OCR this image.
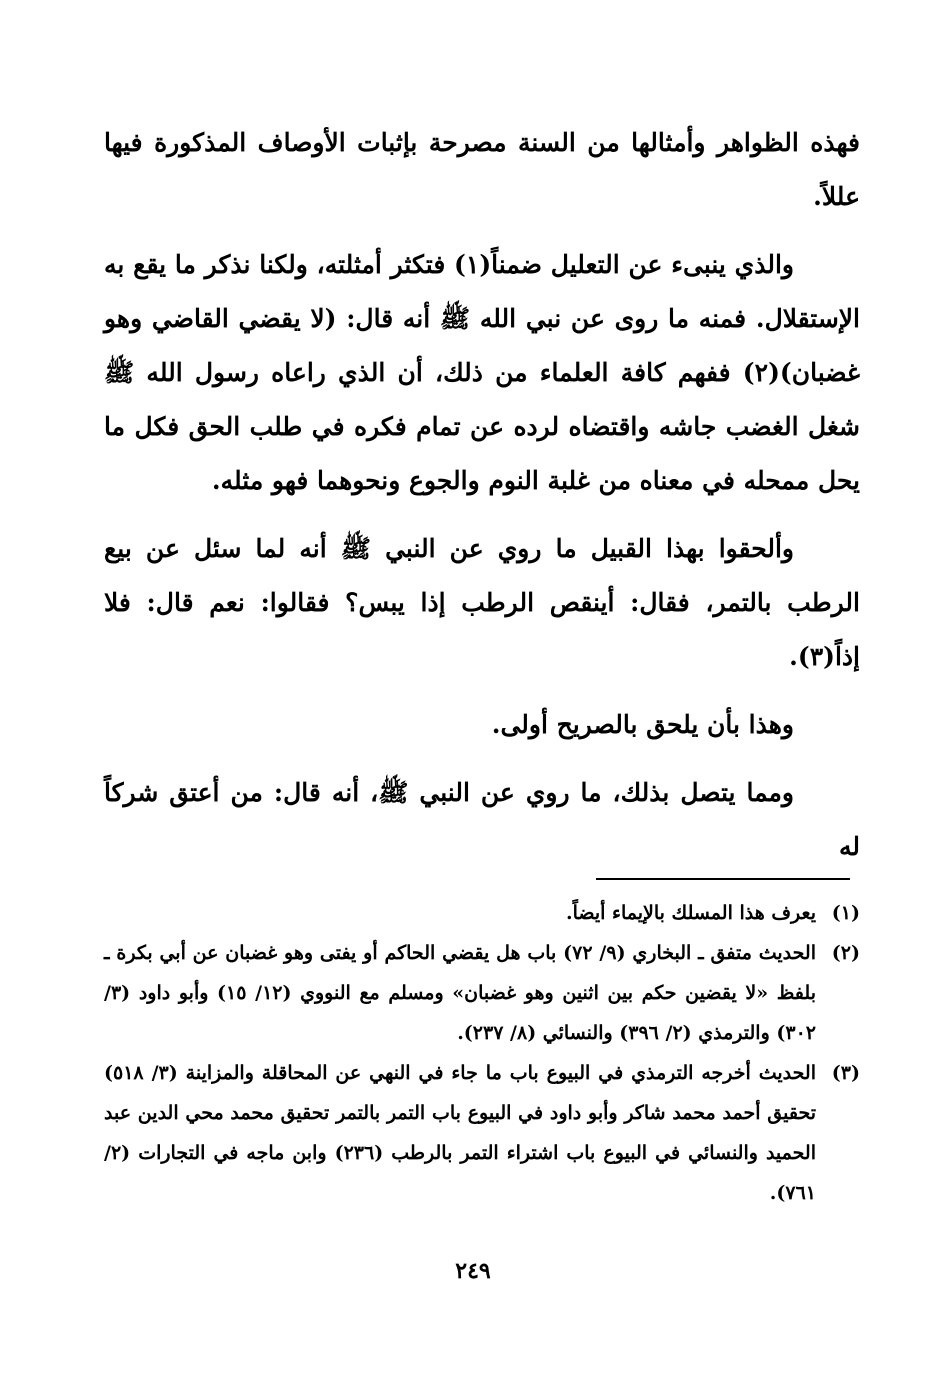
فهذه الظواهر وأمثالها من السنة مصرحة بإثبات الأوصاف المذكورة فيها عللاً.

والذي ينبىء عن التعليل ضمناً(١) فتكثر أمثلته، ولكنا نذكر ما يقع به الإستقلال. فمنه ما روى عن نبي الله ﷺ أنه قال: (لا يقضي القاضي وهو غضبان)(٢) ففهم كافة العلماء من ذلك، أن الذي راعاه رسول الله ﷺ شغل الغضب جاشه واقتضاه لرده عن تمام فكره في طلب الحق فكل ما يحل ممحله في معناه من غلبة النوم والجوع ونحوهما فهو مثله.

وألحقوا بهذا القبيل ما روي عن النبي ﷺ أنه لما سئل عن بيع الرطب بالتمر، فقال: أينقص الرطب إذا يبس؟ فقالوا: نعم قال: فلا إذاً(٣).

وهذا بأن يلحق بالصريح أولى.

ومما يتصل بذلك، ما روي عن النبي ﷺ، أنه قال: من أعتق شركاً له

(١)
يعرف هذا المسلك بالإيماء أيضاً.
(٢)
الحديث متفق ـ البخاري (٩/ ٧٢) باب هل يقضي الحاكم أو يفتى وهو غضبان عن أبي بكرة ـ بلفظ «لا يقضين حكم بين اثنين وهو غضبان» ومسلم مع النووي (١٢/ ١٥) وأبو داود (٣/ ٣٠٢) والترمذي (٢/ ٣٩٦) والنسائي (٨/ ٢٣٧).
(٣)
الحديث أخرجه الترمذي في البيوع باب ما جاء في النهي عن المحاقلة والمزاينة (٣/ ٥١٨) تحقيق أحمد محمد شاكر وأبو داود في البيوع باب التمر بالتمر تحقيق محمد محي الدين عبد الحميد والنسائي في البيوع باب اشتراء التمر بالرطب (٢٣٦) وابن ماجه في التجارات (٢/ ٧٦١).
٢٤٩
